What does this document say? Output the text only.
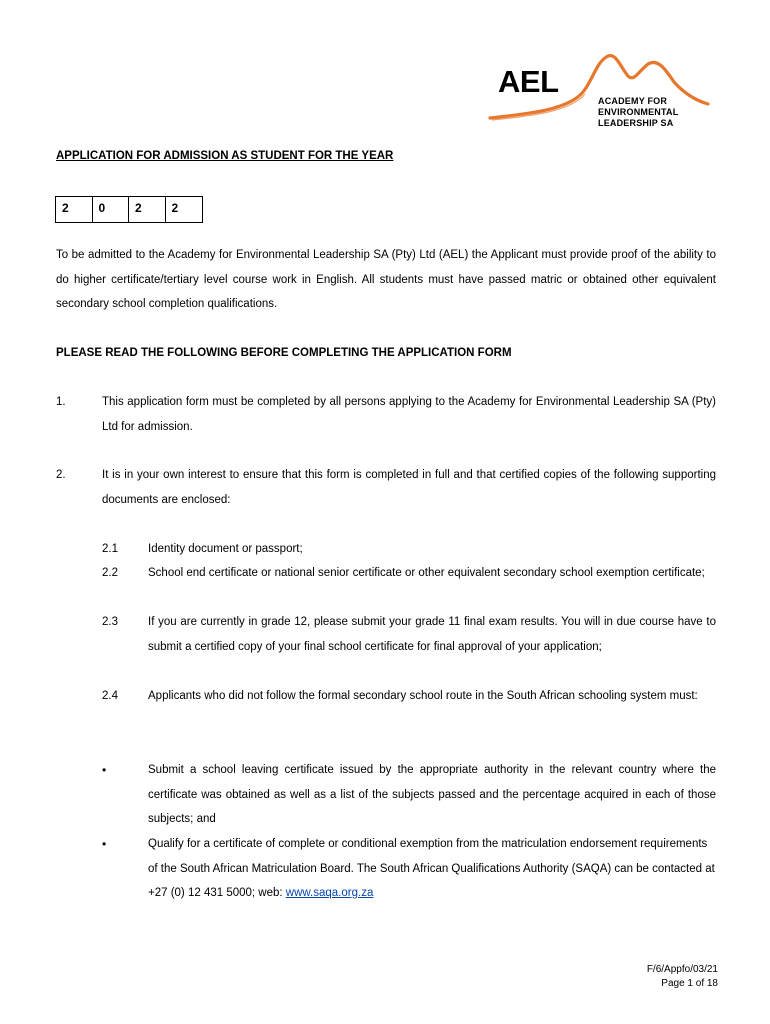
AEL
ACADEMY FOR
ENVIRONMENTAL
LEADERSHIP SA
APPLICATION FOR ADMISSION AS STUDENT FOR THE YEAR
2	0	2	2
To be admitted to the Academy for Environmental Leadership SA (Pty) Ltd (AEL) the Applicant must provide proof of the ability to do higher certificate/tertiary level course work in English. All students must have passed matric or obtained other equivalent secondary school completion qualifications.
PLEASE READ THE FOLLOWING BEFORE COMPLETING THE APPLICATION FORM
1.	This application form must be completed by all persons applying to the Academy for Environmental Leadership SA (Pty) Ltd for admission.
2.	It is in your own interest to ensure that this form is completed in full and that certified copies of the following supporting documents are enclosed:
2.1	Identity document or passport;
2.2	School end certificate or national senior certificate or other equivalent secondary school exemption certificate;
2.3	If you are currently in grade 12, please submit your grade 11 final exam results. You will in due course have to submit a certified copy of your final school certificate for final approval of your application;
2.4	Applicants who did not follow the formal secondary school route in the South African schooling system must:
•	Submit a school leaving certificate issued by the appropriate authority in the relevant country where the certificate was obtained as well as a list of the subjects passed and the percentage acquired in each of those subjects; and
•	Qualify for a certificate of complete or conditional exemption from the matriculation endorsement requirements of the South African Matriculation Board. The South African Qualifications Authority (SAQA) can be contacted at +27 (0) 12 431 5000; web: www.saqa.org.za
F/6/Appfo/03/21
Page 1 of 18
